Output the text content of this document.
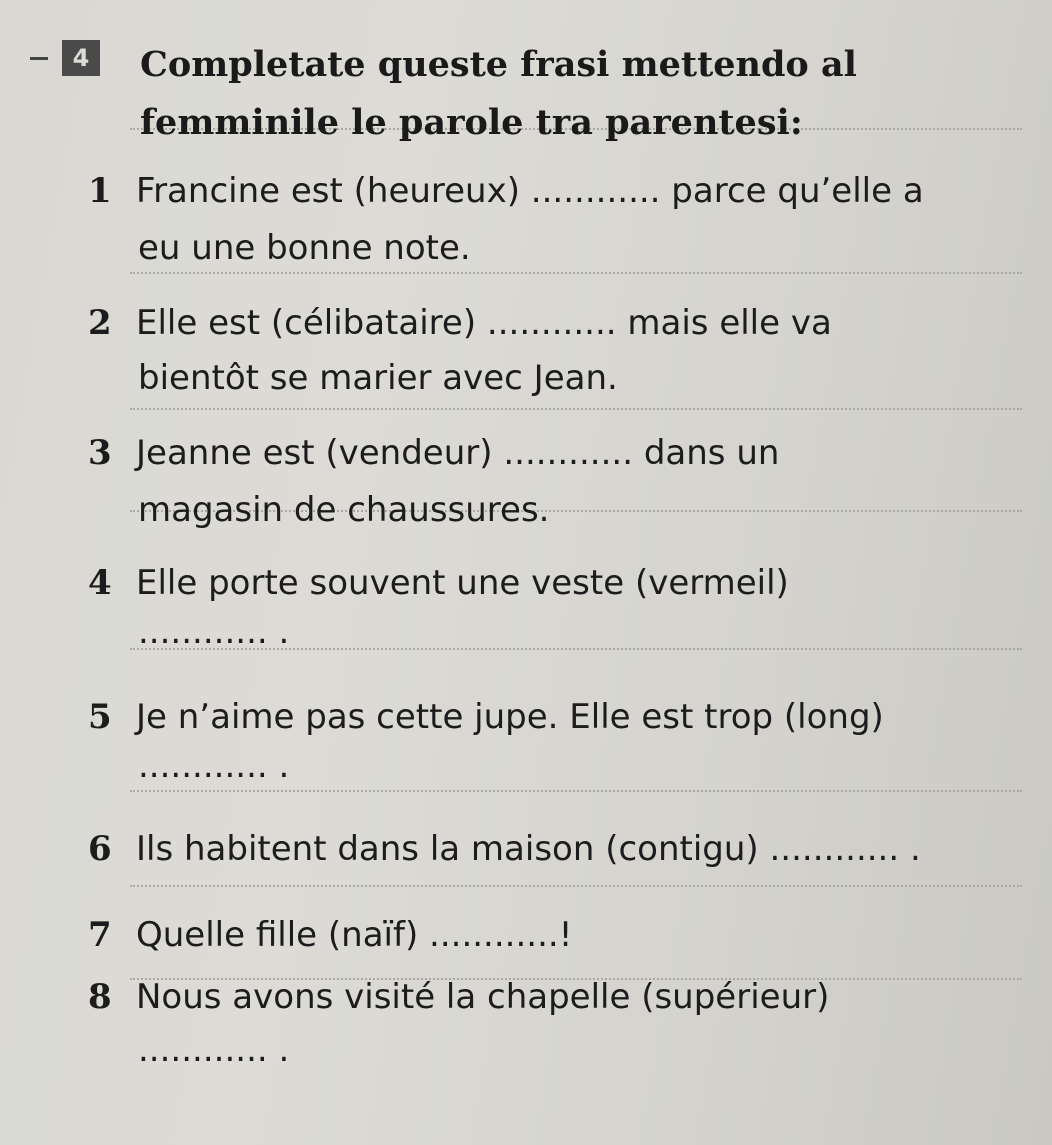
4	Completate queste frasi mettendo al
femminile le parole tra parentesi:
1 Francine est (heureux) ............ parce qu’elle a
eu une bonne note.
2 Elle est (célibataire) ............ mais elle va
bientôt se marier avec Jean.
3 Jeanne est (vendeur) ............ dans un
magasin de chaussures.
4 Elle porte souvent une veste (vermeil)
............ .
5 Je n’aime pas cette jupe. Elle est trop (long)
............ .
6 Ils habitent dans la maison (contigu) ............ .
7 Quelle fille (naïf) ............!
8 Nous avons visité la chapelle (supérieur)
............ .
